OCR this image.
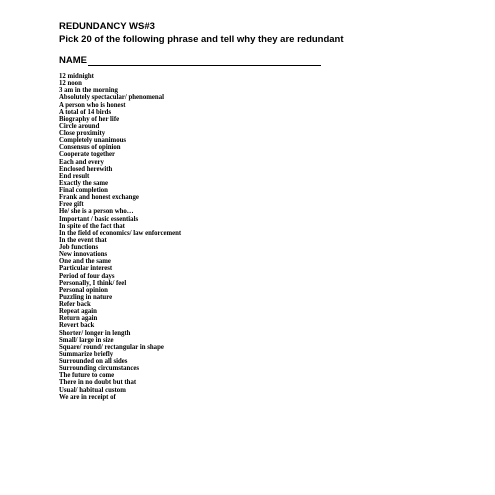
REDUNDANCY WS#3
Pick 20 of the following phrase and tell why they are redundant
NAME
12 midnight
12 noon
3 am in the morning
Absolutely spectacular/ phenomenal
A person who is honest
A total of 14 birds
Biography of her life
Circle around
Close proximity
Completely unanimous
Consensus of opinion
Cooperate together
Each and every
Enclosed herewith
End result
Exactly the same
Final completion
Frank and honest exchange
Free gift
He/ she is a person who…
Important / basic essentials
In spite of the fact that
In the field of economics/ law enforcement
In the event that
Job functions
New innovations
One and the same
Particular interest
Period of four days
Personally, I think/ feel
Personal opinion
Puzzling in nature
Refer back
Repeat again
Return again
Revert back
Shorter/ longer in length
Small/ large in size
Square/ round/ rectangular in shape
Summarize briefly
Surrounded on all sides
Surrounding circumstances
The future to come
There in no doubt but that
Usual/ habitual custom
We are in receipt of
